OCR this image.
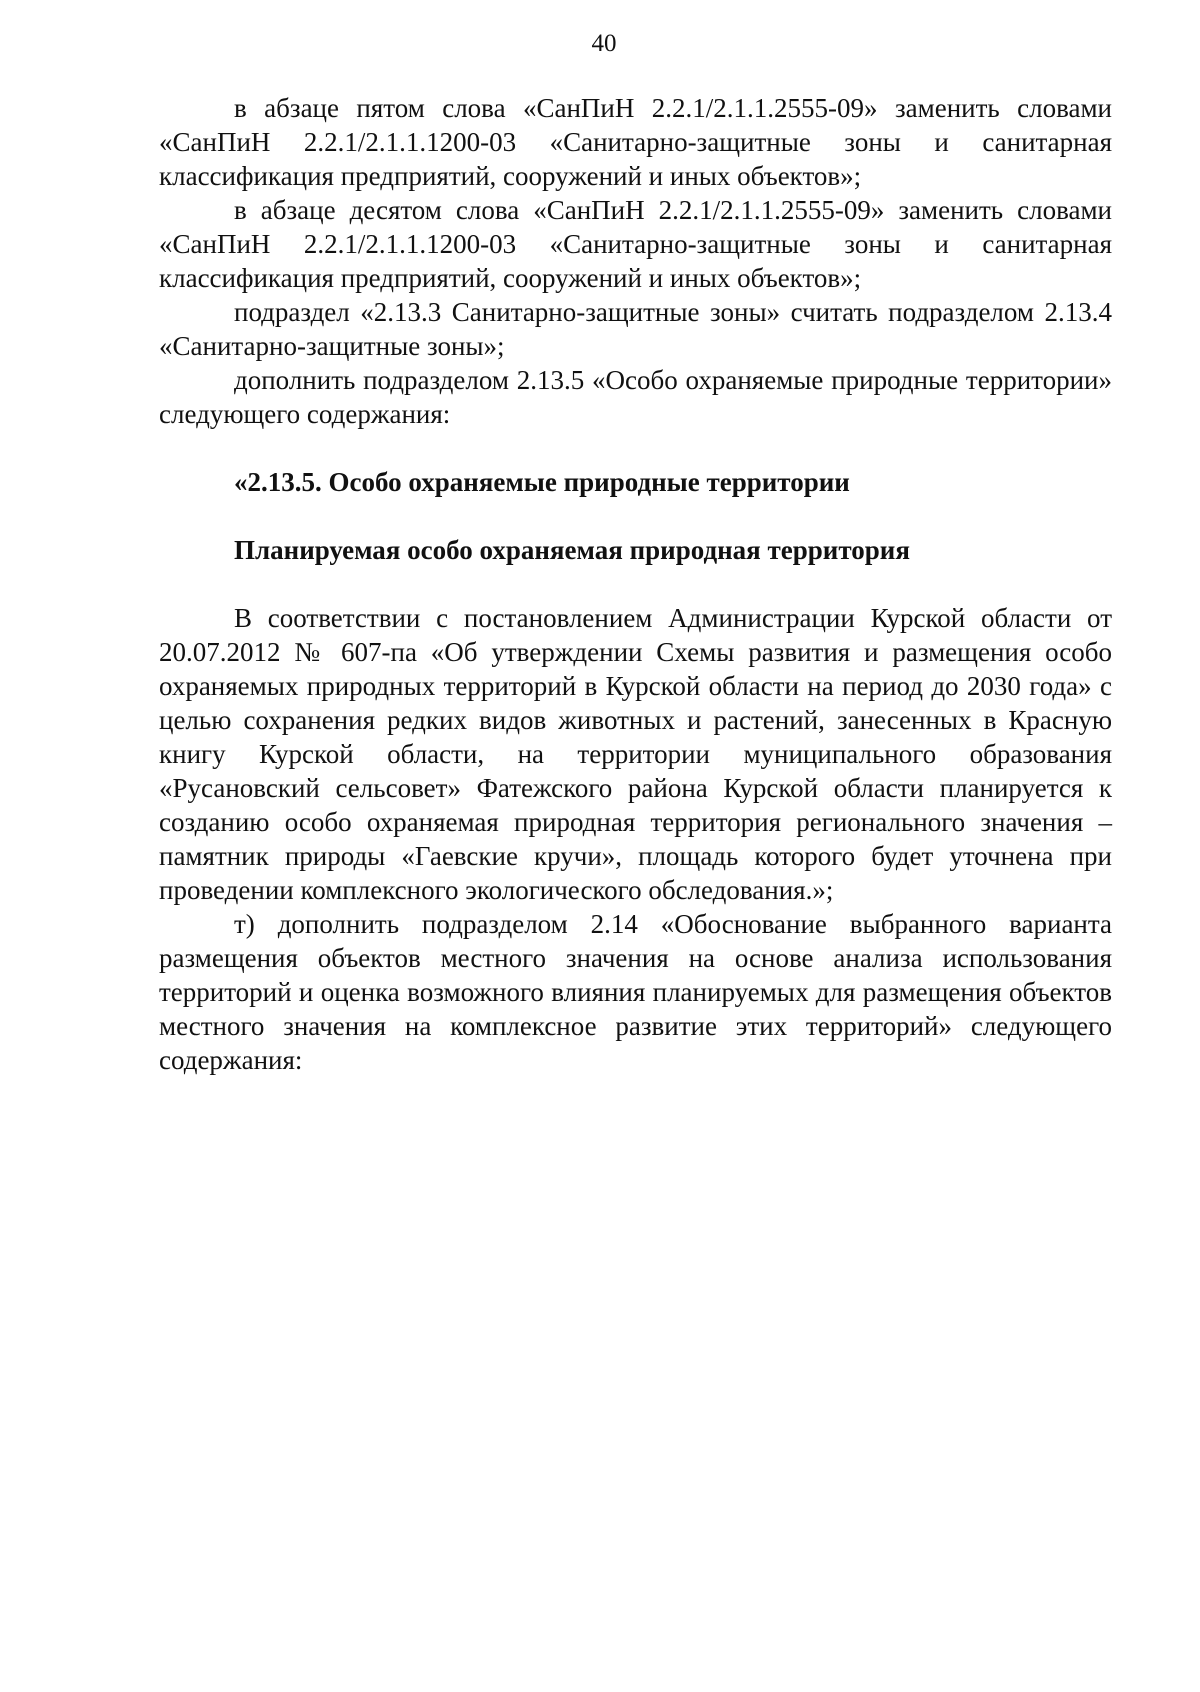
40

в абзаце пятом слова «СанПиН 2.2.1/2.1.1.2555-09» заменить словами «СанПиН 2.2.1/2.1.1.1200-03 «Санитарно-защитные зоны и санитарная классификация предприятий, сооружений и иных объектов»;

в абзаце десятом слова «СанПиН 2.2.1/2.1.1.2555-09» заменить словами «СанПиН 2.2.1/2.1.1.1200-03 «Санитарно-защитные зоны и санитарная классификация предприятий, сооружений и иных объектов»;

подраздел «2.13.3 Санитарно-защитные зоны» считать подразделом 2.13.4 «Санитарно-защитные зоны»;

дополнить подразделом 2.13.5 «Особо охраняемые природные территории» следующего содержания:

«2.13.5. Особо охраняемые природные территории

Планируемая особо охраняемая природная территория

В соответствии с постановлением Администрации Курской области от 20.07.2012 № 607-па «Об утверждении Схемы развития и размещения особо охраняемых природных территорий в Курской области на период до 2030 года» с целью сохранения редких видов животных и растений, занесенных в Красную книгу Курской области, на территории муниципального образования «Русановский сельсовет» Фатежского района Курской области планируется к созданию особо охраняемая природная территория регионального значения – памятник природы «Гаевские кручи», площадь которого будет уточнена при проведении комплексного экологического обследования.»;

т) дополнить подразделом 2.14 «Обоснование выбранного варианта размещения объектов местного значения на основе анализа использования территорий и оценка возможного влияния планируемых для размещения объектов местного значения на комплексное развитие этих территорий» следующего содержания:
